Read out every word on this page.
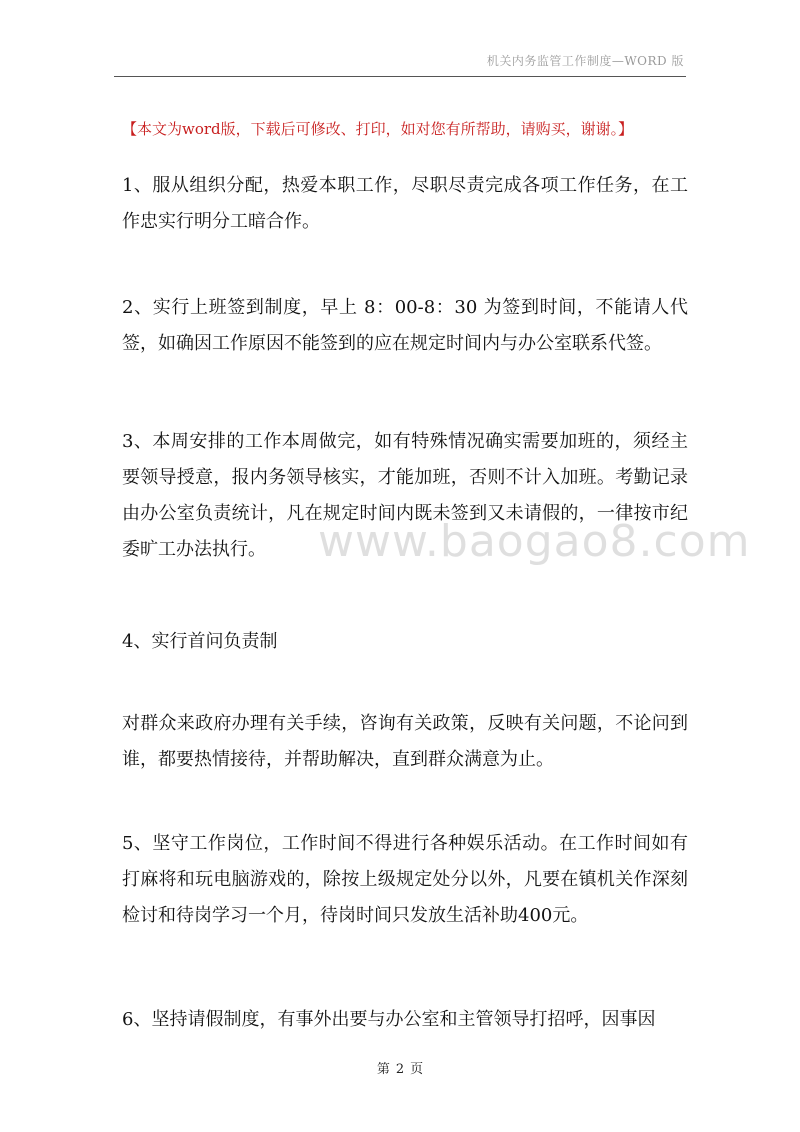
机关内务监管工作制度—WORD 版
【本文为word版，下载后可修改、打印，如对您有所帮助，请购买，谢谢。】

1、服从组织分配，热爱本职工作，尽职尽责完成各项工作任务，在工作忠实行明分工暗合作。

2、实行上班签到制度，早上 8：00-8：30 为签到时间，不能请人代签，如确因工作原因不能签到的应在规定时间内与办公室联系代签。

3、本周安排的工作本周做完，如有特殊情况确实需要加班的，须经主要领导授意，报内务领导核实，才能加班，否则不计入加班。考勤记录由办公室负责统计，凡在规定时间内既未签到又未请假的，一律按市纪委旷工办法执行。	www.baogao8.com

4、实行首问负责制

对群众来政府办理有关手续，咨询有关政策，反映有关问题，不论问到谁，都要热情接待，并帮助解决，直到群众满意为止。

5、坚守工作岗位，工作时间不得进行各种娱乐活动。在工作时间如有打麻将和玩电脑游戏的，除按上级规定处分以外，凡要在镇机关作深刻检讨和待岗学习一个月，待岗时间只发放生活补助400元。

6、坚持请假制度，有事外出要与办公室和主管领导打招呼，因事因

第 2 页
